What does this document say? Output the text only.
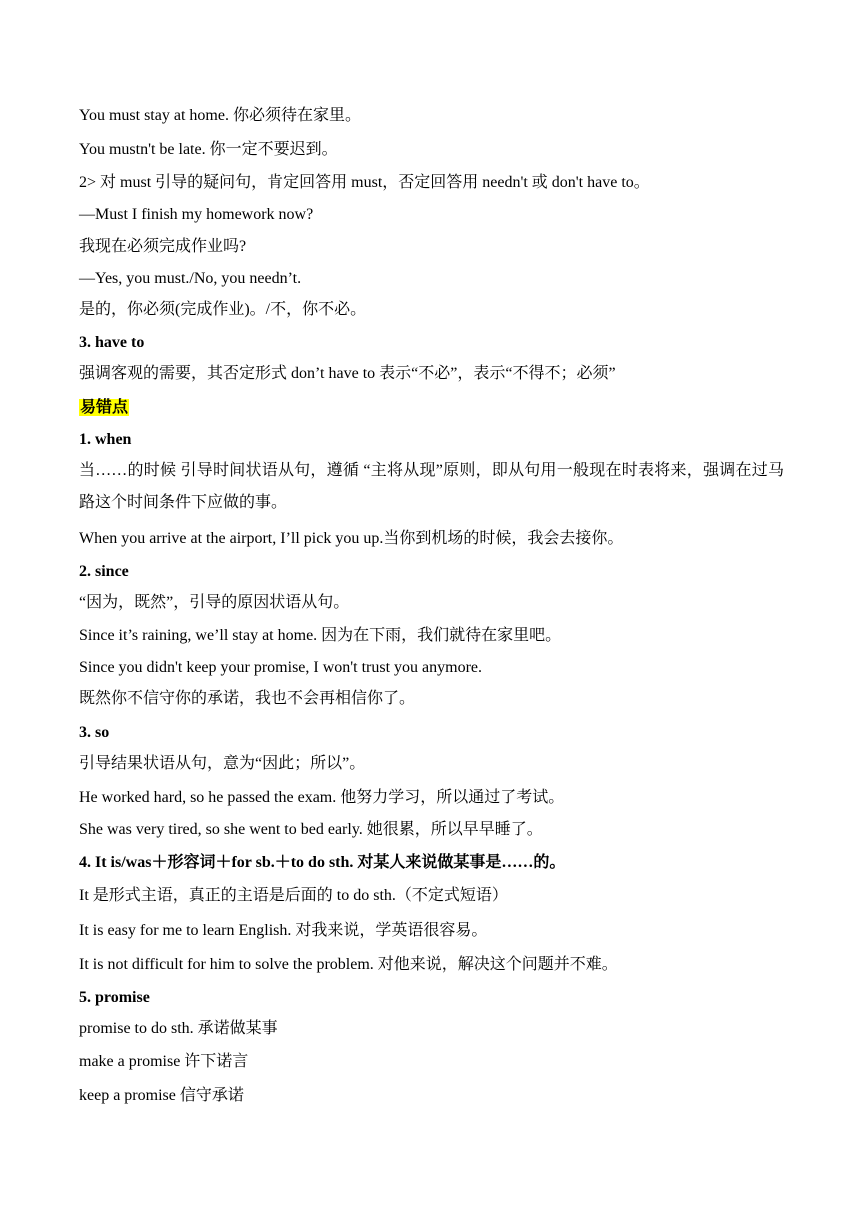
You must stay at home. 你必须待在家里。
You mustn't be late. 你一定不要迟到。
2> 对 must 引导的疑问句，肯定回答用 must，否定回答用 needn't 或 don't have to。
—Must I finish my homework now?
我现在必须完成作业吗?
—Yes, you must./No, you needn’t.
是的，你必须(完成作业)。/不，你不必。
3. have to
强调客观的需要，其否定形式 don’t have to 表示“不必”，表示“不得不；必须”
易错点
1. when
当……的时候 引导时间状语从句，遵循 “主将从现”原则，即从句用一般现在时表将来，强调在过马路这个时间条件下应做的事。
When you arrive at the airport, I’ll pick you up.当你到机场的时候，我会去接你。
2. since
“因为，既然”，引导的原因状语从句。
Since it’s raining, we’ll stay at home. 因为在下雨，我们就待在家里吧。
Since you didn't keep your promise, I won't trust you anymore.
既然你不信守你的承诺，我也不会再相信你了。
3. so
引导结果状语从句，意为“因此；所以”。
He worked hard, so he passed the exam. 他努力学习，所以通过了考试。
She was very tired, so she went to bed early. 她很累，所以早早睡了。
4. It is/was＋形容词＋for sb.＋to do sth. 对某人来说做某事是……的。
It 是形式主语，真正的主语是后面的 to do sth.（不定式短语）
It is easy for me to learn English. 对我来说，学英语很容易。
It is not difficult for him to solve the problem. 对他来说，解决这个问题并不难。
5. promise
promise to do sth. 承诺做某事
make a promise 许下诺言
keep a promise 信守承诺
